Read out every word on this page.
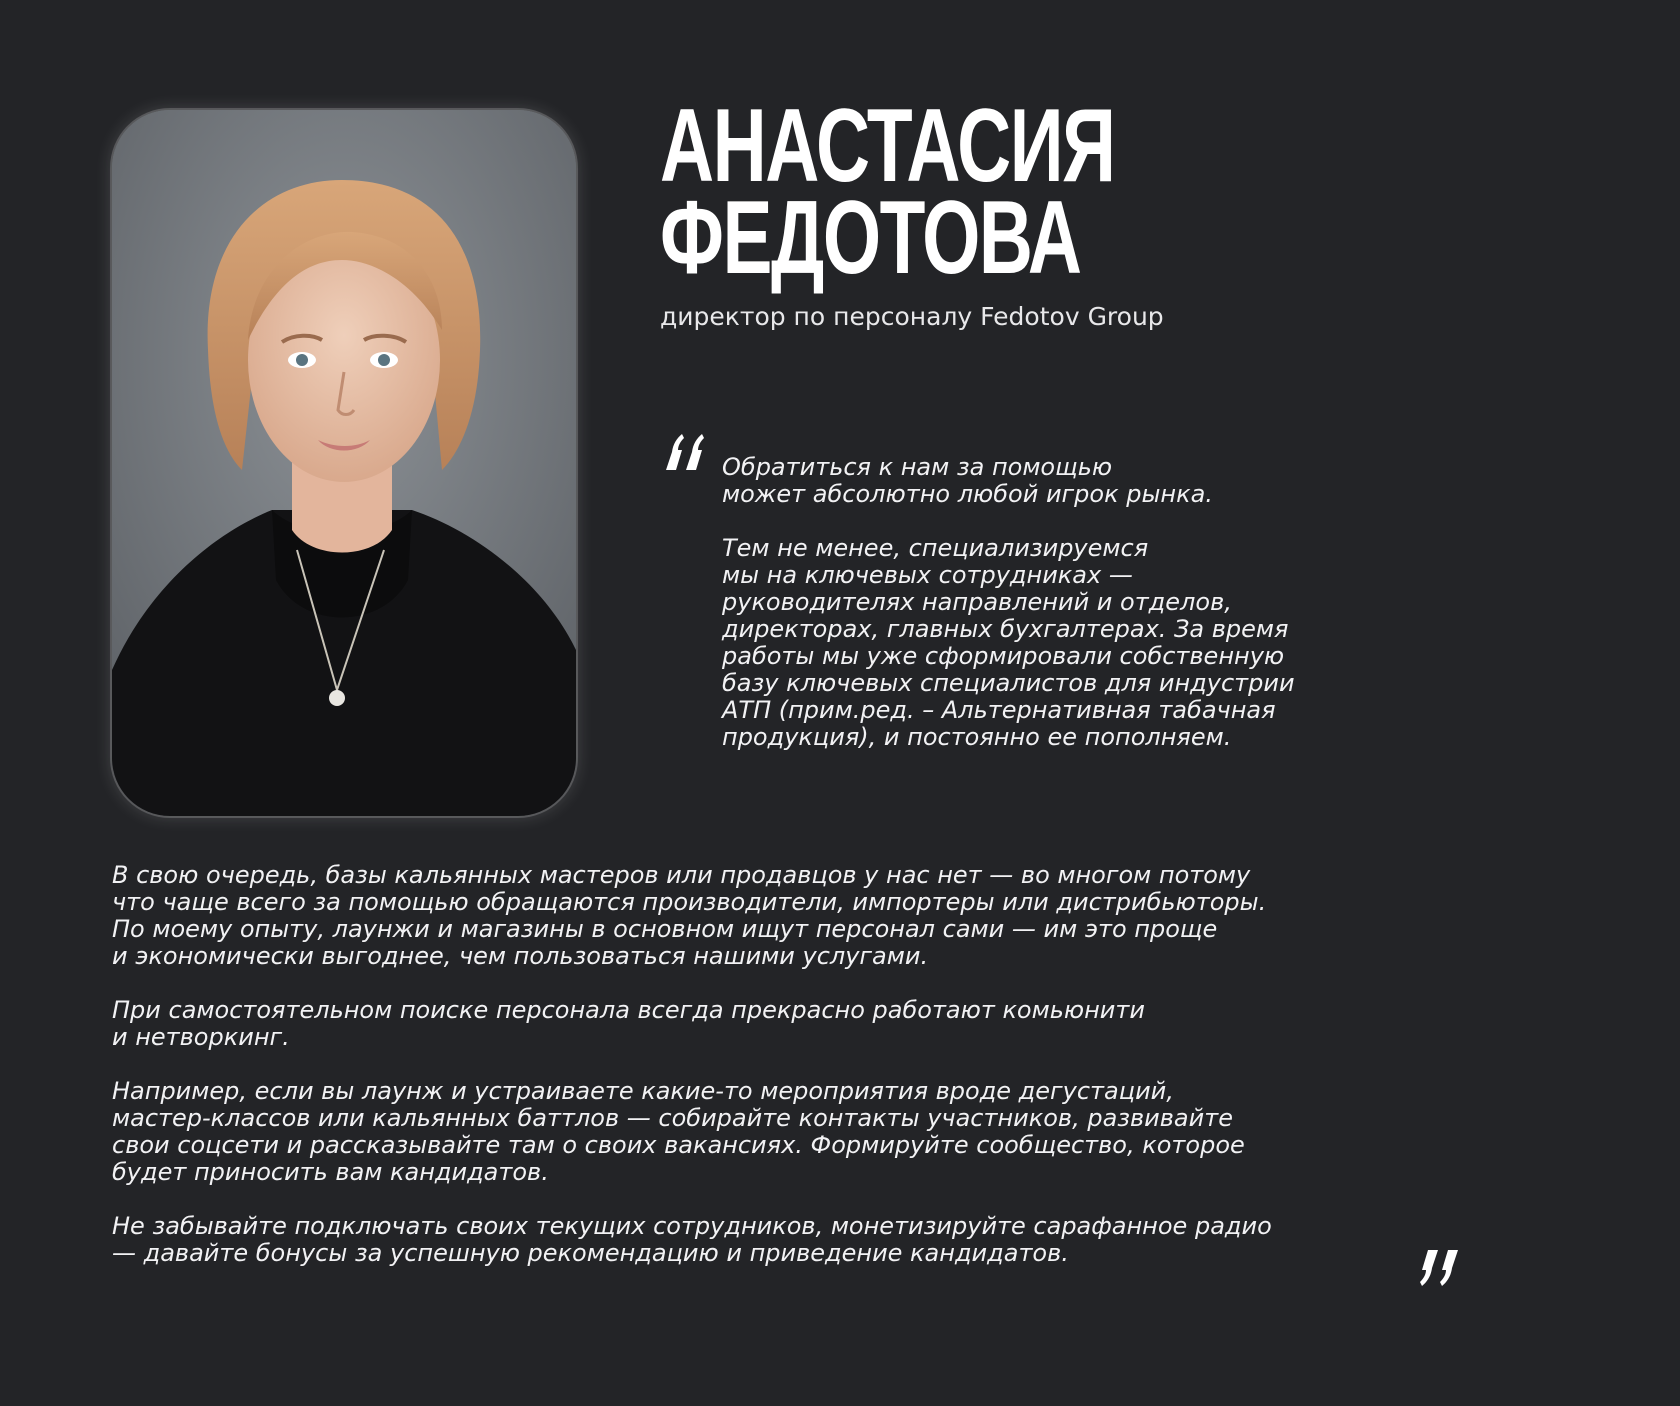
АНАСТАСИЯ
ФЕДОТОВА
директор по персоналу Fedotov Group

Обратиться к нам за помощью
может абсолютно любой игрок рынка.

Тем не менее, специализируемся
мы на ключевых сотрудниках —
руководителях направлений и отделов,
директорах, главных бухгалтерах. За время
работы мы уже сформировали собственную
базу ключевых специалистов для индустрии
АТП (прим.ред. – Альтернативная табачная
продукция), и постоянно ее пополняем.

В свою очередь, базы кальянных мастеров или продавцов у нас нет — во многом потому
что чаще всего за помощью обращаются производители, импортеры или дистрибьюторы.
По моему опыту, лаунжи и магазины в основном ищут персонал сами — им это проще
и экономически выгоднее, чем пользоваться нашими услугами.

При самостоятельном поиске персонала всегда прекрасно работают комьюнити
и нетворкинг.

Например, если вы лаунж и устраиваете какие-то мероприятия вроде дегустаций,
мастер-классов или кальянных баттлов — собирайте контакты участников, развивайте
свои соцсети и рассказывайте там о своих вакансиях. Формируйте сообщество, которое
будет приносить вам кандидатов.

Не забывайте подключать своих текущих сотрудников, монетизируйте сарафанное радио
— давайте бонусы за успешную рекомендацию и приведение кандидатов.
